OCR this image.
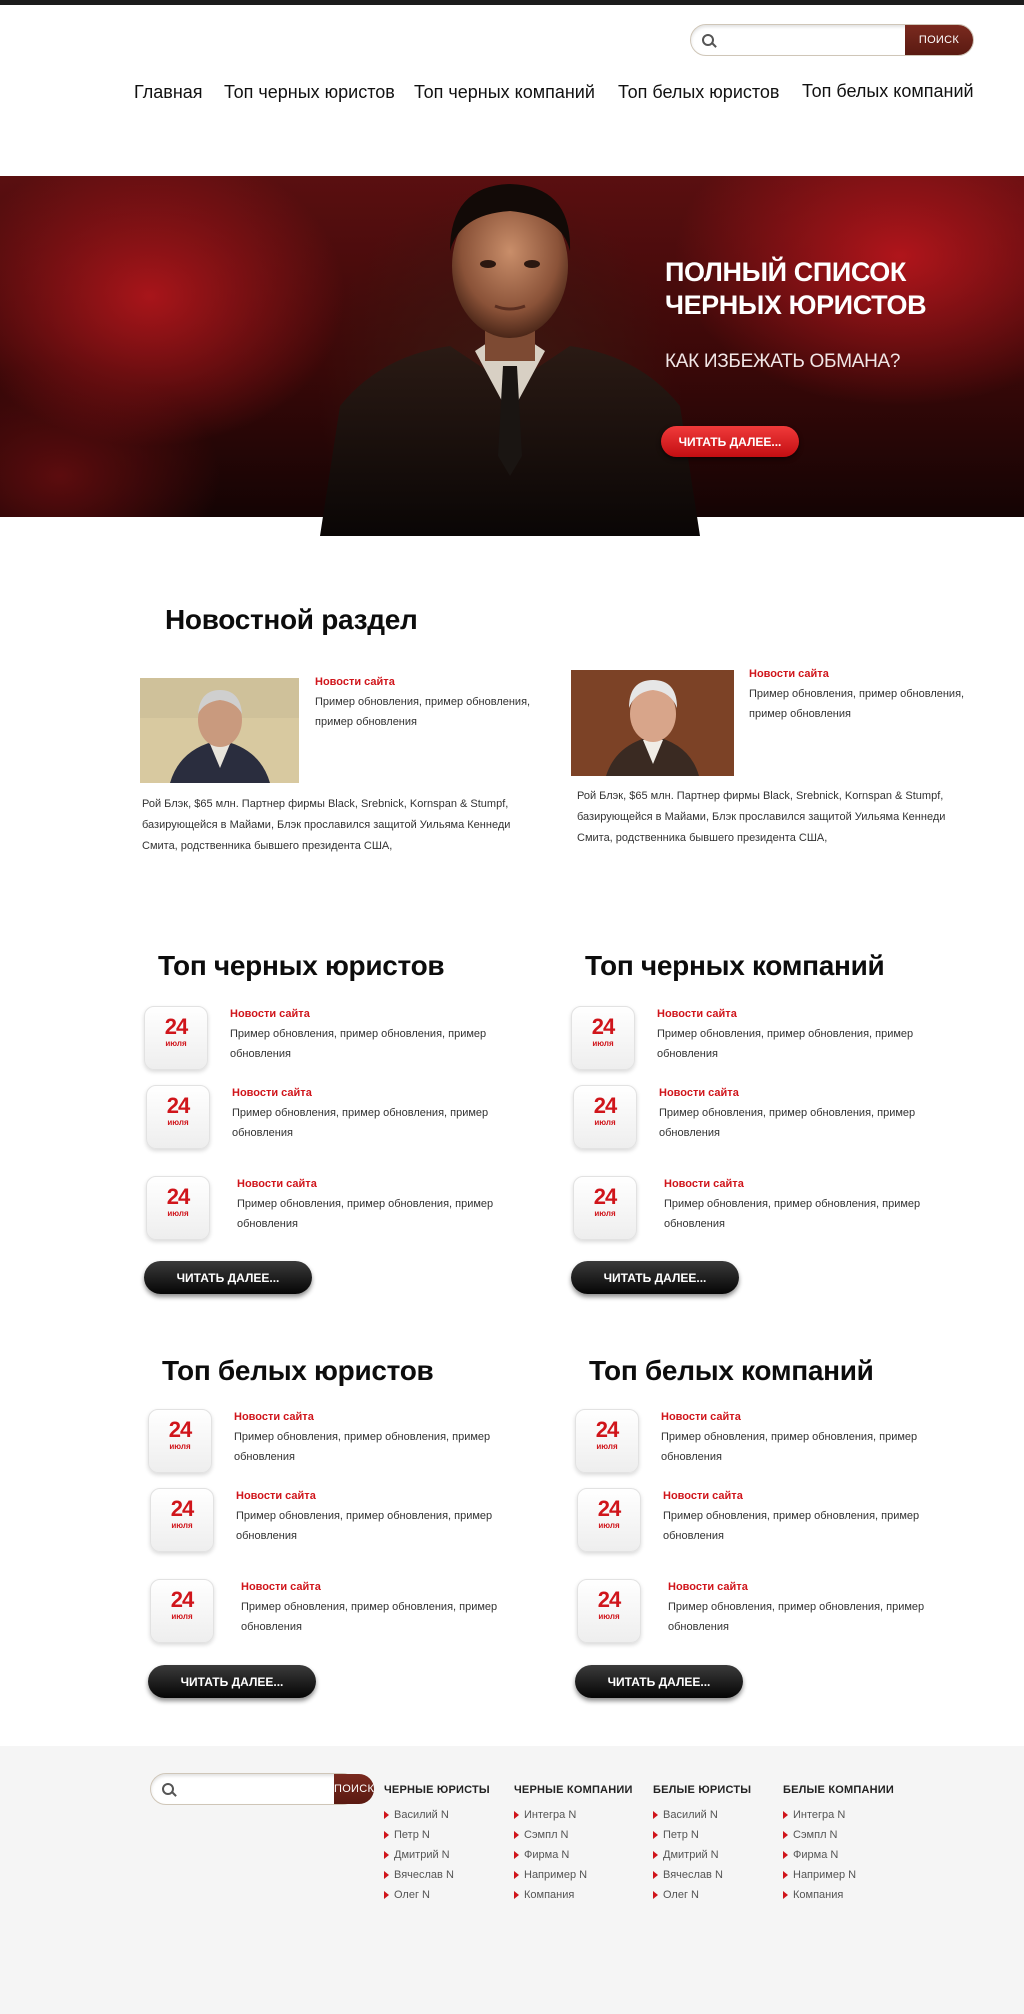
ПОИСК
Главная Топ черных юристов Топ черных компаний Топ белых юристов Топ белых компаний
ПОЛНЫЙ СПИСОК
ЧЕРНЫХ ЮРИСТОВ
КАК ИЗБЕЖАТЬ ОБМАНА?
ЧИТАТЬ ДАЛЕЕ...
Новостной раздел
Новости сайта
Пример обновления, пример обновления, пример обновления
Рой Блэк, $65 млн. Партнер фирмы Black, Srebnick, Kornspan & Stumpf, базирующейся в Майами, Блэк прославился защитой Уильяма Кеннеди Смита, родственника бывшего президента США,
Новости сайта
Пример обновления, пример обновления, пример обновления
Рой Блэк, $65 млн. Партнер фирмы Black, Srebnick, Kornspan & Stumpf, базирующейся в Майами, Блэк прославился защитой Уильяма Кеннеди Смита, родственника бывшего президента США,
Топ черных юристов
24
июля
Новости сайта
Пример обновления, пример обновления, пример обновления
24
июля
Новости сайта
Пример обновления, пример обновления, пример обновления
24
июля
Новости сайта
Пример обновления, пример обновления, пример обновления
ЧИТАТЬ ДАЛЕЕ...
Топ черных компаний
24
июля
Новости сайта
Пример обновления, пример обновления, пример обновления
24
июля
Новости сайта
Пример обновления, пример обновления, пример обновления
24
июля
Новости сайта
Пример обновления, пример обновления, пример обновления
ЧИТАТЬ ДАЛЕЕ...
Топ белых юристов
24
июля
Новости сайта
Пример обновления, пример обновления, пример обновления
24
июля
Новости сайта
Пример обновления, пример обновления, пример обновления
24
июля
Новости сайта
Пример обновления, пример обновления, пример обновления
ЧИТАТЬ ДАЛЕЕ...
Топ белых компаний
24
июля
Новости сайта
Пример обновления, пример обновления, пример обновления
24
июля
Новости сайта
Пример обновления, пример обновления, пример обновления
24
июля
Новости сайта
Пример обновления, пример обновления, пример обновления
ЧИТАТЬ ДАЛЕЕ...
ПОИСК ЧЕРНЫЕ ЮРИСТЫ
Василий N
Петр N
Дмитрий N
Вячеслав N
Олег N
ЧЕРНЫЕ КОМПАНИИ
Интегра N
Сэмпл N
Фирма N
Например N
Компания
БЕЛЫЕ ЮРИСТЫ
Василий N
Петр N
Дмитрий N
Вячеслав N
Олег N
БЕЛЫЕ КОМПАНИИ
Интегра N
Сэмпл N
Фирма N
Например N
Компания
